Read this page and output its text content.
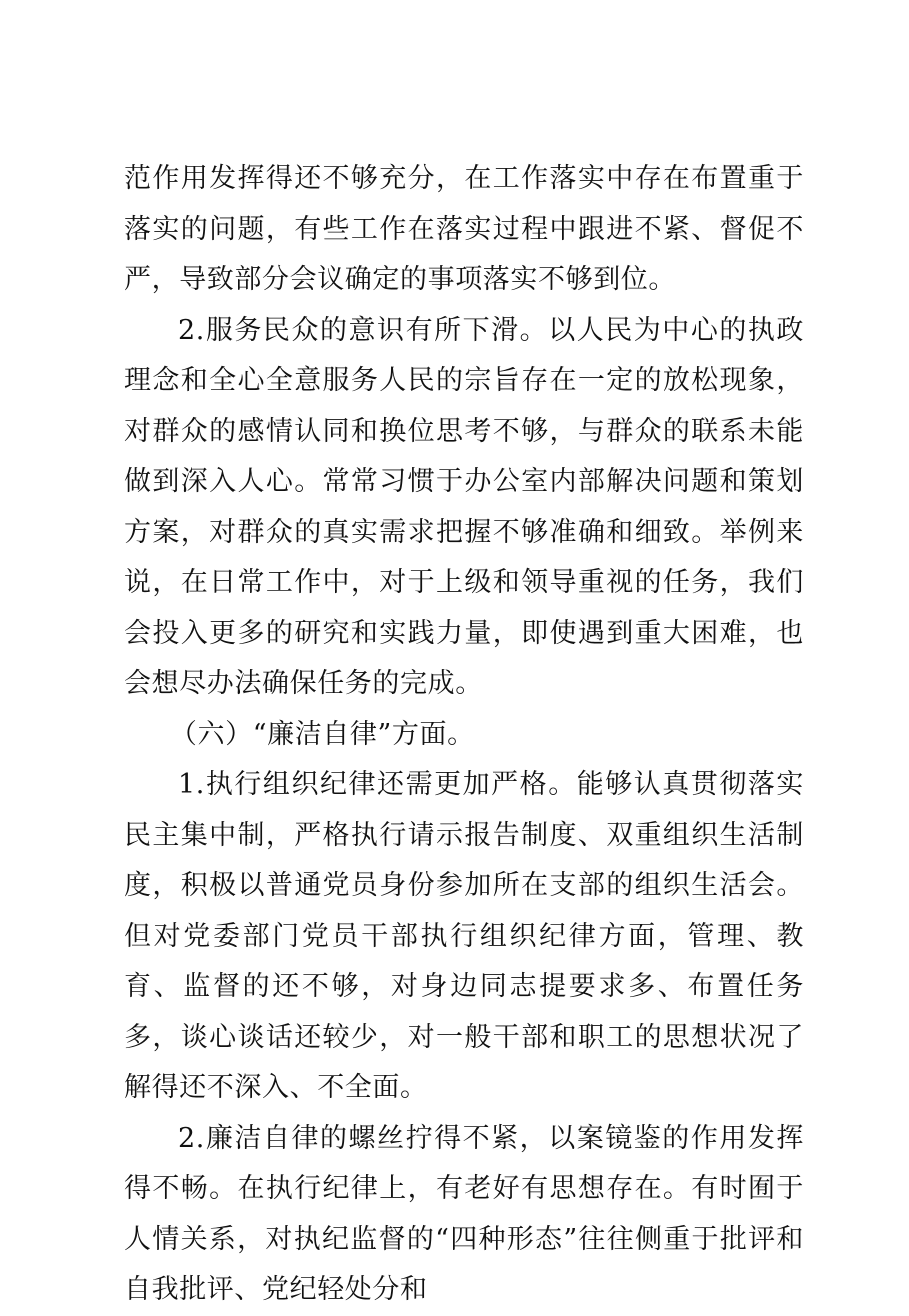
范作用发挥得还不够充分，在工作落实中存在布置重于落实的问题，有些工作在落实过程中跟进不紧、督促不严，导致部分会议确定的事项落实不够到位。

2.服务民众的意识有所下滑。以人民为中心的执政理念和全心全意服务人民的宗旨存在一定的放松现象，对群众的感情认同和换位思考不够，与群众的联系未能做到深入人心。常常习惯于办公室内部解决问题和策划方案，对群众的真实需求把握不够准确和细致。举例来说，在日常工作中，对于上级和领导重视的任务，我们会投入更多的研究和实践力量，即使遇到重大困难，也会想尽办法确保任务的完成。

（六）“廉洁自律”方面。

1.执行组织纪律还需更加严格。能够认真贯彻落实民主集中制，严格执行请示报告制度、双重组织生活制度，积极以普通党员身份参加所在支部的组织生活会。但对党委部门党员干部执行组织纪律方面，管理、教育、监督的还不够，对身边同志提要求多、布置任务多，谈心谈话还较少，对一般干部和职工的思想状况了解得还不深入、不全面。

2.廉洁自律的螺丝拧得不紧，以案镜鉴的作用发挥得不畅。在执行纪律上，有老好有思想存在。有时囿于人情关系，对执纪监督的“四种形态”往往侧重于批评和自我批评、党纪轻处分和
